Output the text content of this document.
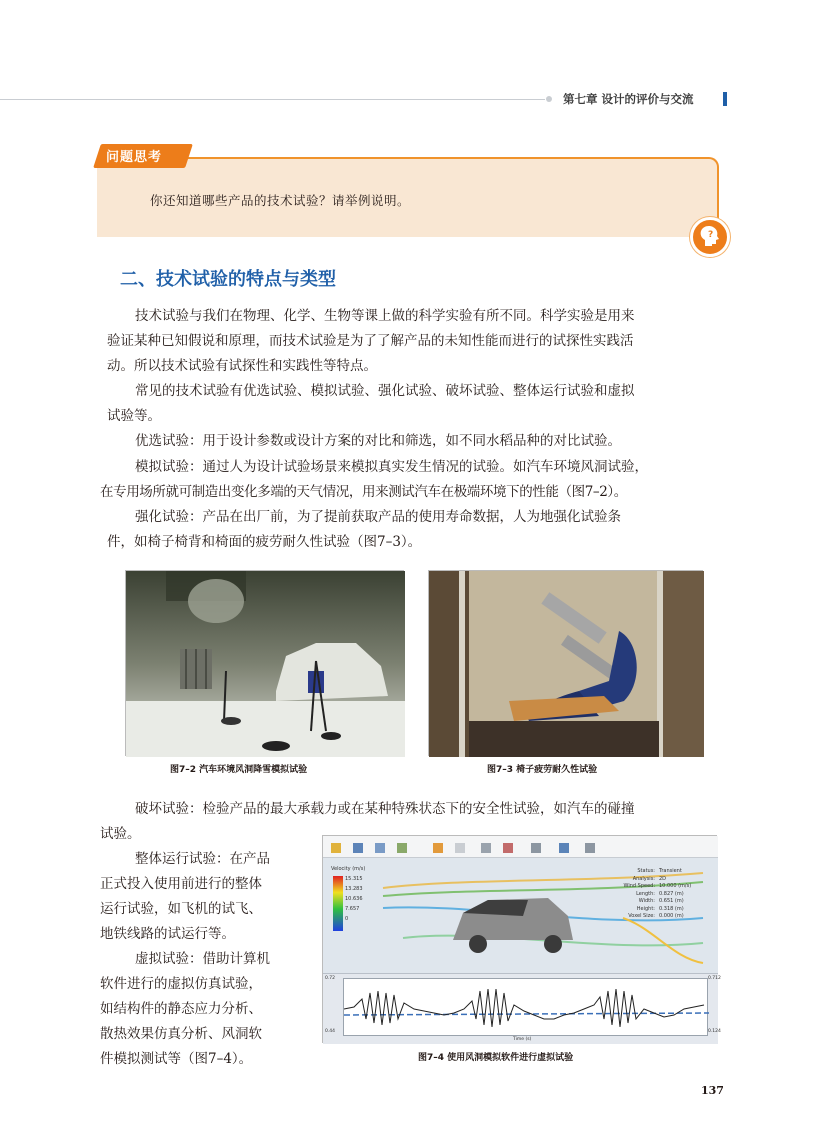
第七章 设计的评价与交流
问题思考
你还知道哪些产品的技术试验？请举例说明。
?
二、技术试验的特点与类型
技术试验与我们在物理、化学、生物等课上做的科学实验有所不同。科学实验是用来
验证某种已知假说和原理，而技术试验是为了了解产品的未知性能而进行的试探性实践活
动。所以技术试验有试探性和实践性等特点。
常见的技术试验有优选试验、模拟试验、强化试验、破坏试验、整体运行试验和虚拟
试验等。
优选试验：用于设计参数或设计方案的对比和筛选，如不同水稻品种的对比试验。
模拟试验：通过人为设计试验场景来模拟真实发生情况的试验。如汽车环境风洞试验，
在专用场所就可制造出变化多端的天气情况，用来测试汽车在极端环境下的性能（图7–2）。
强化试验：产品在出厂前，为了提前获取产品的使用寿命数据，人为地强化试验条
件，如椅子椅背和椅面的疲劳耐久性试验（图7–3）。
图7–2 汽车环境风洞降雪模拟试验	图7–3 椅子疲劳耐久性试验
破坏试验：检验产品的最大承载力或在某种特殊状态下的安全性试验，如汽车的碰撞
试验。
整体运行试验：在产品
正式投入使用前进行的整体
运行试验，如飞机的试飞、
地铁线路的试运行等。
虚拟试验：借助计算机
软件进行的虚拟仿真试验，
如结构件的静态应力分析、
散热效果仿真分析、风洞软
件模拟测试等（图7–4）。
Velocity (m/s)
15.315
13.283
10.636
7.657
0
Status:
Analysis:
Wind Speed:
Length:
Width:
Height:
Voxel Size:
Transient
2D
10.000 (m/s)
0.827 (m)
0.651 (m)
0.318 (m)
0.000 (m)
0.72
0.44
0.712
0.124
Time (s)
图7–4 使用风洞模拟软件进行虚拟试验
137
